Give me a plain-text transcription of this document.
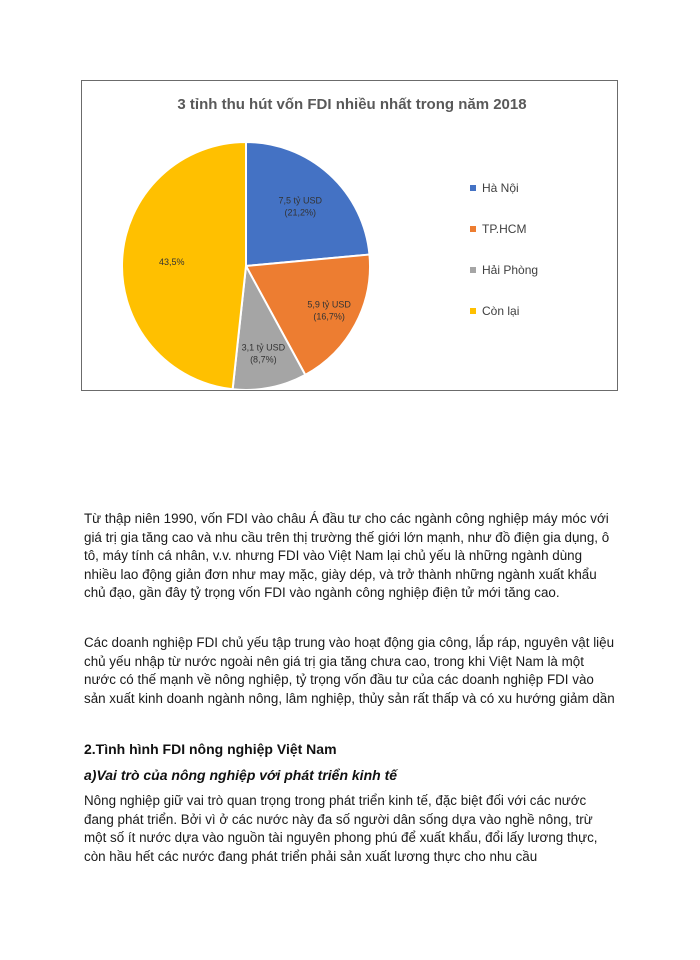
3 tỉnh thu hút vốn FDI nhiều nhất trong năm 2018
7,5 tỷ USD (21,2%)
5,9 tỷ USD (16,7%)
3,1 tỷ USD (8,7%)
43,5%
Hà Nội
TP.HCM
Hải Phòng
Còn lại

Từ thập niên 1990, vốn FDI vào châu Á đầu tư cho các ngành công nghiệp máy móc với giá trị gia tăng cao và nhu cầu trên thị trường thế giới lớn mạnh, như đồ điện gia dụng, ô tô, máy tính cá nhân, v.v. nhưng FDI vào Việt Nam lại chủ yếu là những ngành dùng nhiều lao động giản đơn như may mặc, giày dép, và trở thành những ngành xuất khẩu chủ đạo, gần đây tỷ trọng vốn FDI vào ngành công nghiệp điện tử mới tăng cao.

Các doanh nghiệp FDI chủ yếu tập trung vào hoạt động gia công, lắp ráp, nguyên vật liệu chủ yếu nhập từ nước ngoài nên giá trị gia tăng chưa cao, trong khi Việt Nam là một nước có thế mạnh về nông nghiệp, tỷ trọng vốn đầu tư của các doanh nghiệp FDI vào sản xuất kinh doanh ngành nông, lâm nghiệp, thủy sản rất thấp và có xu hướng giảm dần

2.Tình hình FDI nông nghiệp Việt Nam
a)Vai trò của nông nghiệp với phát triển kinh tế

Nông nghiệp giữ vai trò quan trọng trong phát triển kinh tế, đặc biệt đối với các nước đang phát triển. Bởi vì ở các nước này đa số người dân sống dựa vào nghề nông, trừ một số ít nước dựa vào nguồn tài nguyên phong phú để xuất khẩu, đổi lấy lương thực, còn hầu hết các nước đang phát triển phải sản xuất lương thực cho nhu cầu
